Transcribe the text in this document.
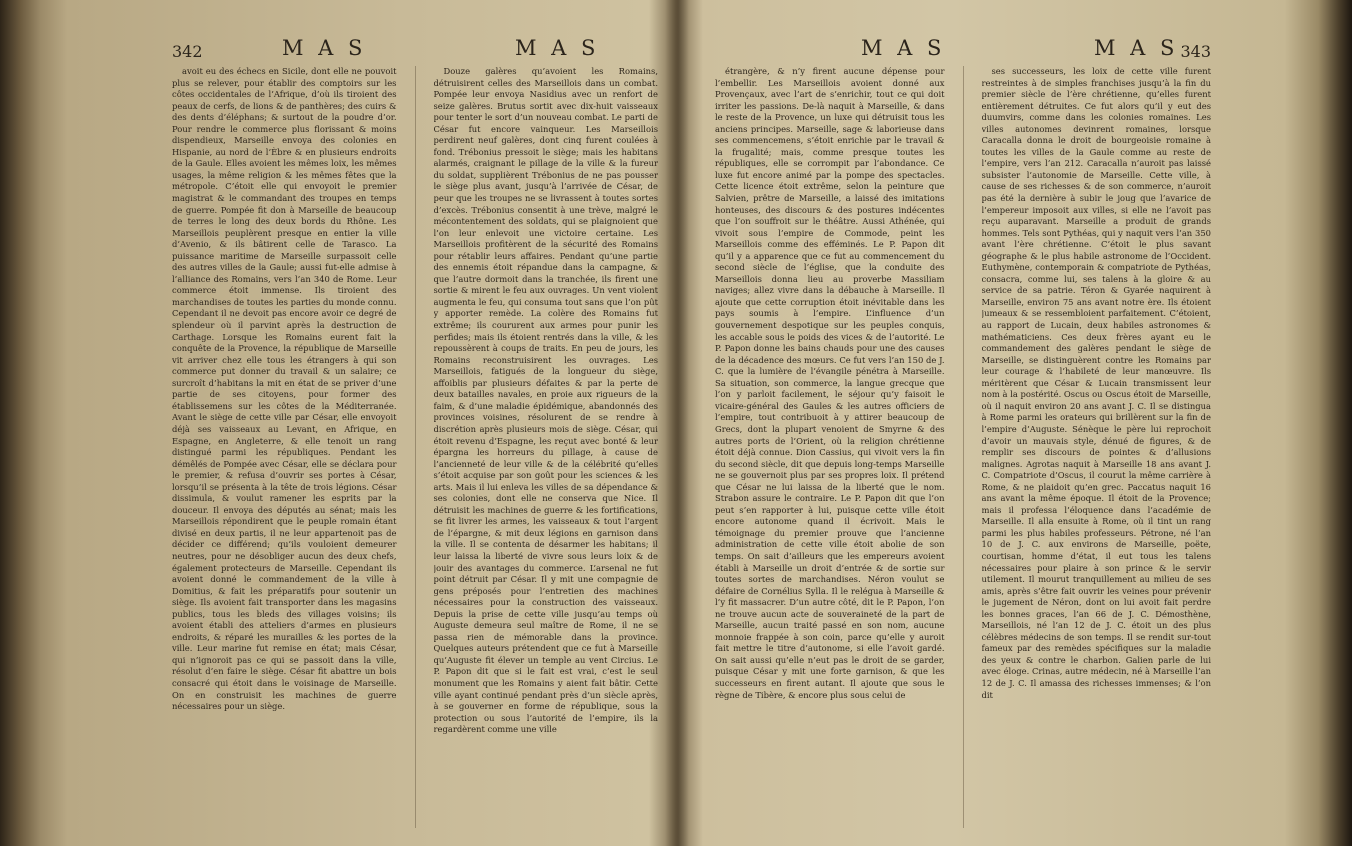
342	M A S	M A S

avoit eu des échecs en Sicile, dont elle ne pouvoit plus se relever, pour établir des comptoirs sur les côtes occidentales de l’Afrique, d’où ils tiroient des peaux de cerfs, de lions & de panthères; des cuirs & des dents d’éléphans; & surtout de la poudre d’or. Pour rendre le commerce plus florissant & moins dispendieux, Marseille envoya des colonies en Hispanie, au nord de l’Èbre & en plusieurs endroits de la Gaule. Elles avoient les mêmes loix, les mêmes usages, la même religion & les mêmes fêtes que la métropole. C’étoit elle qui envoyoit le premier magistrat & le commandant des troupes en temps de guerre. Pompée fit don à Marseille de beaucoup de terres le long des deux bords du Rhône. Les Marseillois peuplèrent presque en entier la ville d’Avenio, & ils bâtirent celle de Tarasco. La puissance maritime de Marseille surpassoit celle des autres villes de la Gaule; aussi fut-elle admise à l’alliance des Romains, vers l’an 340 de Rome. Leur commerce étoit immense. Ils tiroient des marchandises de toutes les parties du monde connu. Cependant il ne devoit pas encore avoir ce degré de splendeur où il parvint après la destruction de Carthage. Lorsque les Romains eurent fait la conquête de la Provence, la république de Marseille vit arriver chez elle tous les étrangers à qui son commerce put donner du travail & un salaire; ce surcroît d’habitans la mit en état de se priver d’une partie de ses citoyens, pour former des établissemens sur les côtes de la Méditerranée. Avant le siège de cette ville par César, elle envoyoit déjà ses vaisseaux au Levant, en Afrique, en Espagne, en Angleterre, & elle tenoit un rang distingué parmi les républiques. Pendant les démêlés de Pompée avec César, elle se déclara pour le premier, & refusa d’ouvrir ses portes à César, lorsqu’il se présenta à la tête de trois légions. César dissimula, & voulut ramener les esprits par la douceur. Il envoya des députés au sénat; mais les Marseillois répondirent que le peuple romain étant divisé en deux partis, il ne leur appartenoit pas de décider ce différend; qu’ils vouloient demeurer neutres, pour ne désobliger aucun des deux chefs, également protecteurs de Marseille. Cependant ils avoient donné le commandement de la ville à Domitius, & fait les préparatifs pour soutenir un siège. Ils avoient fait transporter dans les magasins publics, tous les bleds des villages voisins; ils avoient établi des atteliers d’armes en plusieurs endroits, & réparé les murailles & les portes de la ville. Leur marine fut remise en état; mais César, qui n’ignoroit pas ce qui se passoit dans la ville, résolut d’en faire le siège. César fit abattre un bois consacré qui étoit dans le voisinage de Marseille. On en construisit les machines de guerre nécessaires pour un siège.

Douze galères qu’avoient les Romains, détruisirent celles des Marseillois dans un combat. Pompée leur envoya Nasidius avec un renfort de seize galères. Brutus sortit avec dix-huit vaisseaux pour tenter le sort d’un nouveau combat. Le parti de César fut encore vainqueur. Les Marseillois perdirent neuf galères, dont cinq furent coulées à fond. Trébonius pressoit le siège; mais les habitans alarmés, craignant le pillage de la ville & la fureur du soldat, supplièrent Trébonius de ne pas pousser le siège plus avant, jusqu’à l’arrivée de César, de peur que les troupes ne se livrassent à toutes sortes d’excès. Trébonius consentit à une trève, malgré le mécontentement des soldats, qui se plaignoient que l’on leur enlevoit une victoire certaine. Les Marseillois profitèrent de la sécurité des Romains pour rétablir leurs affaires. Pendant qu’une partie des ennemis étoit répandue dans la campagne, & que l’autre dormoit dans la tranchée, ils firent une sortie & mirent le feu aux ouvrages. Un vent violent augmenta le feu, qui consuma tout sans que l’on pût y apporter remède. La colère des Romains fut extrême; ils coururent aux armes pour punir les perfides; mais ils étoient rentrés dans la ville, & les repoussèrent à coups de traits. En peu de jours, les Romains reconstruisirent les ouvrages. Les Marseillois, fatigués de la longueur du siège, affoiblis par plusieurs défaites & par la perte de deux batailles navales, en proie aux rigueurs de la faim, & d’une maladie épidémique, abandonnés des provinces voisines, résolurent de se rendre à discrétion après plusieurs mois de siège. César, qui étoit revenu d’Espagne, les reçut avec bonté & leur épargna les horreurs du pillage, à cause de l’ancienneté de leur ville & de la célébrité qu’elles s’étoit acquise par son goût pour les sciences & les arts. Mais il lui enleva les villes de sa dépendance & ses colonies, dont elle ne conserva que Nice. Il détruisit les machines de guerre & les fortifications, se fit livrer les armes, les vaisseaux & tout l’argent de l’épargne, & mit deux légions en garnison dans la ville. Il se contenta de désarmer les habitans; il leur laissa la liberté de vivre sous leurs loix & de jouir des avantages du commerce. L’arsenal ne fut point détruit par César. Il y mit une compagnie de gens préposés pour l’entretien des machines nécessaires pour la construction des vaisseaux. Depuis la prise de cette ville jusqu’au temps où Auguste demeura seul maître de Rome, il ne se passa rien de mémorable dans la province. Quelques auteurs prétendent que ce fut à Marseille qu’Auguste fit élever un temple au vent Circius. Le P. Papon dit que si le fait est vrai, c’est le seul monument que les Romains y aient fait bâtir. Cette ville ayant continué pendant près d’un siècle après, à se gouverner en forme de république, sous la protection ou sous l’autorité de l’empire, ils la regardèrent comme une ville

M A S	M A S 343

étrangère, & n’y firent aucune dépense pour l’embellir. Les Marseillois avoient donné aux Provençaux, avec l’art de s’enrichir, tout ce qui doit irriter les passions. De-là naquit à Marseille, & dans le reste de la Provence, un luxe qui détruisit tous les anciens principes. Marseille, sage & laborieuse dans ses commencemens, s’étoit enrichie par le travail & la frugalité; mais, comme presque toutes les républiques, elle se corrompit par l’abondance. Ce luxe fut encore animé par la pompe des spectacles. Cette licence étoit extrême, selon la peinture que Salvien, prêtre de Marseille, a laissé des imitations honteuses, des discours & des postures indécentes que l’on souffroit sur le théâtre. Aussi Athénée, qui vivoit sous l’empire de Commode, peint les Marseillois comme des efféminés. Le P. Papon dit qu’il y a apparence que ce fut au commencement du second siècle de l’église, que la conduite des Marseillois donna lieu au proverbe Massiliam naviges; allez vivre dans la débauche à Marseille. Il ajoute que cette corruption étoit inévitable dans les pays soumis à l’empire. L’influence d’un gouvernement despotique sur les peuples conquis, les accable sous le poids des vices & de l’autorité. Le P. Papon donne les bains chauds pour une des causes de la décadence des mœurs. Ce fut vers l’an 150 de J. C. que la lumière de l’évangile pénétra à Marseille. Sa situation, son commerce, la langue grecque que l’on y parloit facilement, le séjour qu’y faisoit le vicaire-général des Gaules & les autres officiers de l’empire, tout contribuoit à y attirer beaucoup de Grecs, dont la plupart venoient de Smyrne & des autres ports de l’Orient, où la religion chrétienne étoit déjà connue. Dion Cassius, qui vivoit vers la fin du second siècle, dit que depuis long-temps Marseille ne se gouvernoit plus par ses propres loix. Il prétend que César ne lui laissa de la liberté que le nom. Strabon assure le contraire. Le P. Papon dit que l’on peut s’en rapporter à lui, puisque cette ville étoit encore autonome quand il écrivoit. Mais le témoignage du premier prouve que l’ancienne administration de cette ville étoit abolie de son temps. On sait d’ailleurs que les empereurs avoient établi à Marseille un droit d’entrée & de sortie sur toutes sortes de marchandises. Néron voulut se défaire de Cornélius Sylla. Il le relégua à Marseille & l’y fit massacrer. D’un autre côté, dit le P. Papon, l’on ne trouve aucun acte de souveraineté de la part de Marseille, aucun traité passé en son nom, aucune monnoie frappée à son coin, parce qu’elle y auroit fait mettre le titre d’autonome, si elle l’avoit gardé. On sait aussi qu’elle n’eut pas le droit de se garder, puisque César y mit une forte garnison, & que les successeurs en firent autant. Il ajoute que sous le règne de Tibère, & encore plus sous celui de

ses successeurs, les loix de cette ville furent restreintes à de simples franchises jusqu’à la fin du premier siècle de l’ère chrétienne, qu’elles furent entièrement détruites. Ce fut alors qu’il y eut des duumvirs, comme dans les colonies romaines. Les villes autonomes devinrent romaines, lorsque Caracalla donna le droit de bourgeoisie romaine à toutes les villes de la Gaule comme au reste de l’empire, vers l’an 212. Caracalla n’auroit pas laissé subsister l’autonomie de Marseille. Cette ville, à cause de ses richesses & de son commerce, n’auroit pas été la dernière à subir le joug que l’avarice de l’empereur imposoit aux villes, si elle ne l’avoit pas reçu auparavant. Marseille a produit de grands hommes. Tels sont Pythéas, qui y naquit vers l’an 350 avant l’ère chrétienne. C’étoit le plus savant géographe & le plus habile astronome de l’Occident. Euthymène, contemporain & compatriote de Pythéas, consacra, comme lui, ses talens à la gloire & au service de sa patrie. Téron & Gyarée naquirent à Marseille, environ 75 ans avant notre ère. Ils étoient jumeaux & se ressembloient parfaitement. C’étoient, au rapport de Lucain, deux habiles astronomes & mathématiciens. Ces deux frères ayant eu le commandement des galères pendant le siège de Marseille, se distinguèrent contre les Romains par leur courage & l’habileté de leur manœuvre. Ils méritèrent que César & Lucain transmissent leur nom à la postérité. Oscus ou Oscus étoit de Marseille, où il naquit environ 20 ans avant J. C. Il se distingua à Rome parmi les orateurs qui brillèrent sur la fin de l’empire d’Auguste. Sénèque le père lui reprochoit d’avoir un mauvais style, dénué de figures, & de remplir ses discours de pointes & d’allusions malignes. Agrotas naquit à Marseille 18 ans avant J. C. Compatriote d’Oscus, il courut la même carrière à Rome, & ne plaidoit qu’en grec. Paccatus naquit 16 ans avant la même époque. Il étoit de la Provence; mais il professa l’éloquence dans l’académie de Marseille. Il alla ensuite à Rome, où il tint un rang parmi les plus habiles professeurs. Pétrone, né l’an 10 de J. C. aux environs de Marseille, poëte, courtisan, homme d’état, il eut tous les talens nécessaires pour plaire à son prince & le servir utilement. Il mourut tranquillement au milieu de ses amis, après s’être fait ouvrir les veines pour prévenir le jugement de Néron, dont on lui avoit fait perdre les bonnes graces, l’an 66 de J. C. Démosthène, Marseillois, né l’an 12 de J. C. étoit un des plus célèbres médecins de son temps. Il se rendit sur-tout fameux par des remèdes spécifiques sur la maladie des yeux & contre le charbon. Galien parle de lui avec éloge. Crinas, autre médecin, né à Marseille l’an 12 de J. C. Il amassa des richesses immenses; & l’on dit
